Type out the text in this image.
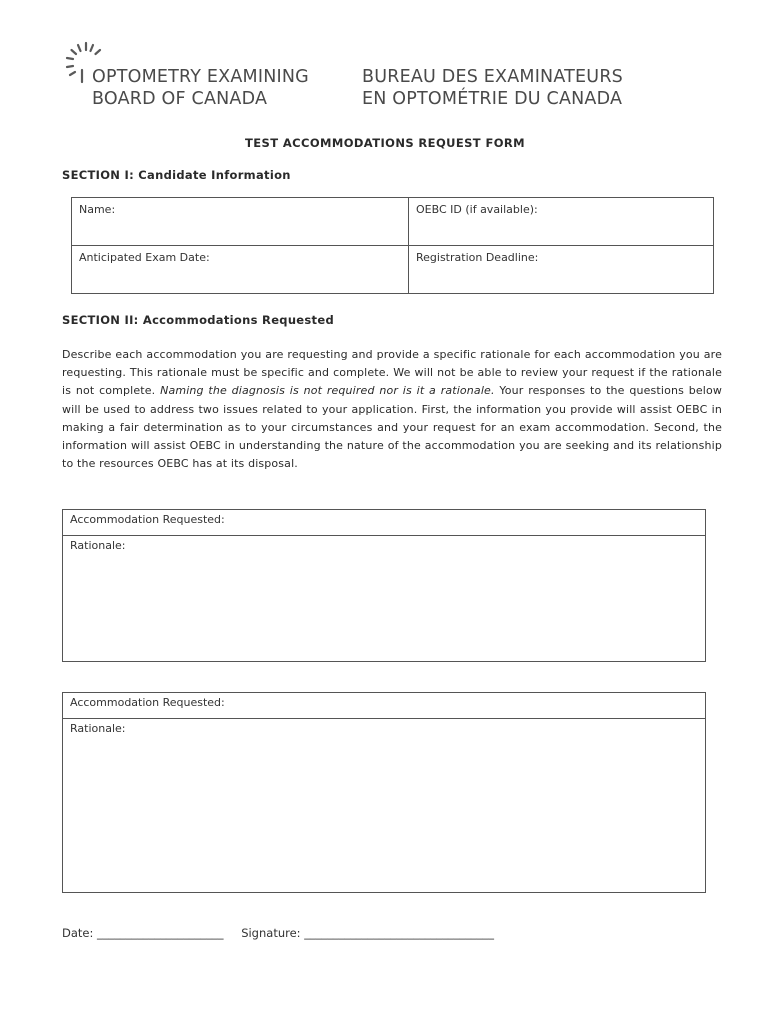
OPTOMETRY EXAMINING
BOARD OF CANADA
BUREAU DES EXAMINATEURS
EN OPTOMÉTRIE DU CANADA
TEST ACCOMMODATIONS REQUEST FORM
SECTION I: Candidate Information
Name:	OEBC ID (if available):
Anticipated Exam Date:	Registration Deadline:
SECTION II: Accommodations Requested
Describe each accommodation you are requesting and provide a specific rationale for each accommodation you are requesting. This rationale must be specific and complete. We will not be able to review your request if the rationale is not complete. Naming the diagnosis is not required nor is it a rationale. Your responses to the questions below will be used to address two issues related to your application. First, the information you provide will assist OEBC in making a fair determination as to your circumstances and your request for an exam accommodation. Second, the information will assist OEBC in understanding the nature of the accommodation you are seeking and its relationship to the resources OEBC has at its disposal.
Accommodation Requested:
Rationale:
Accommodation Requested:
Rationale:
Date: ______________________ Signature: _________________________________
